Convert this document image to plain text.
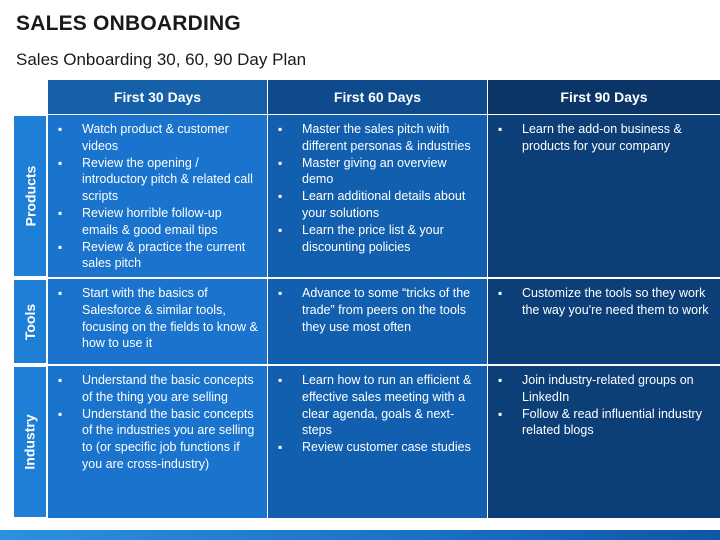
SALES ONBOARDING
Sales Onboarding 30, 60, 90 Day Plan
First 30 Days	First 60 Days	First 90 Days
Products
▪ Watch product & customer videos
▪ Review the opening / introductory pitch & related call scripts
▪ Review horrible follow-up emails & good email tips
▪ Review & practice the current sales pitch
▪ Master the sales pitch with different personas & industries
▪ Master giving an overview demo
▪ Learn additional details about your solutions
▪ Learn the price list & your discounting policies
▪ Learn the add-on business & products for your company
Tools
▪ Start with the basics of Salesforce & similar tools, focusing on the fields to know & how to use it
▪ Advance to some “tricks of the trade” from peers on the tools they use most often
▪ Customize the tools so they work the way you're need them to work
Industry
▪ Understand the basic concepts of the thing you are selling
▪ Understand the basic concepts of the industries you are selling to (or specific job functions if you are cross-industry)
▪ Learn how to run an efficient & effective sales meeting with a clear agenda, goals & next-steps
▪ Review customer case studies
▪ Join industry-related groups on LinkedIn
▪ Follow & read influential industry related blogs
